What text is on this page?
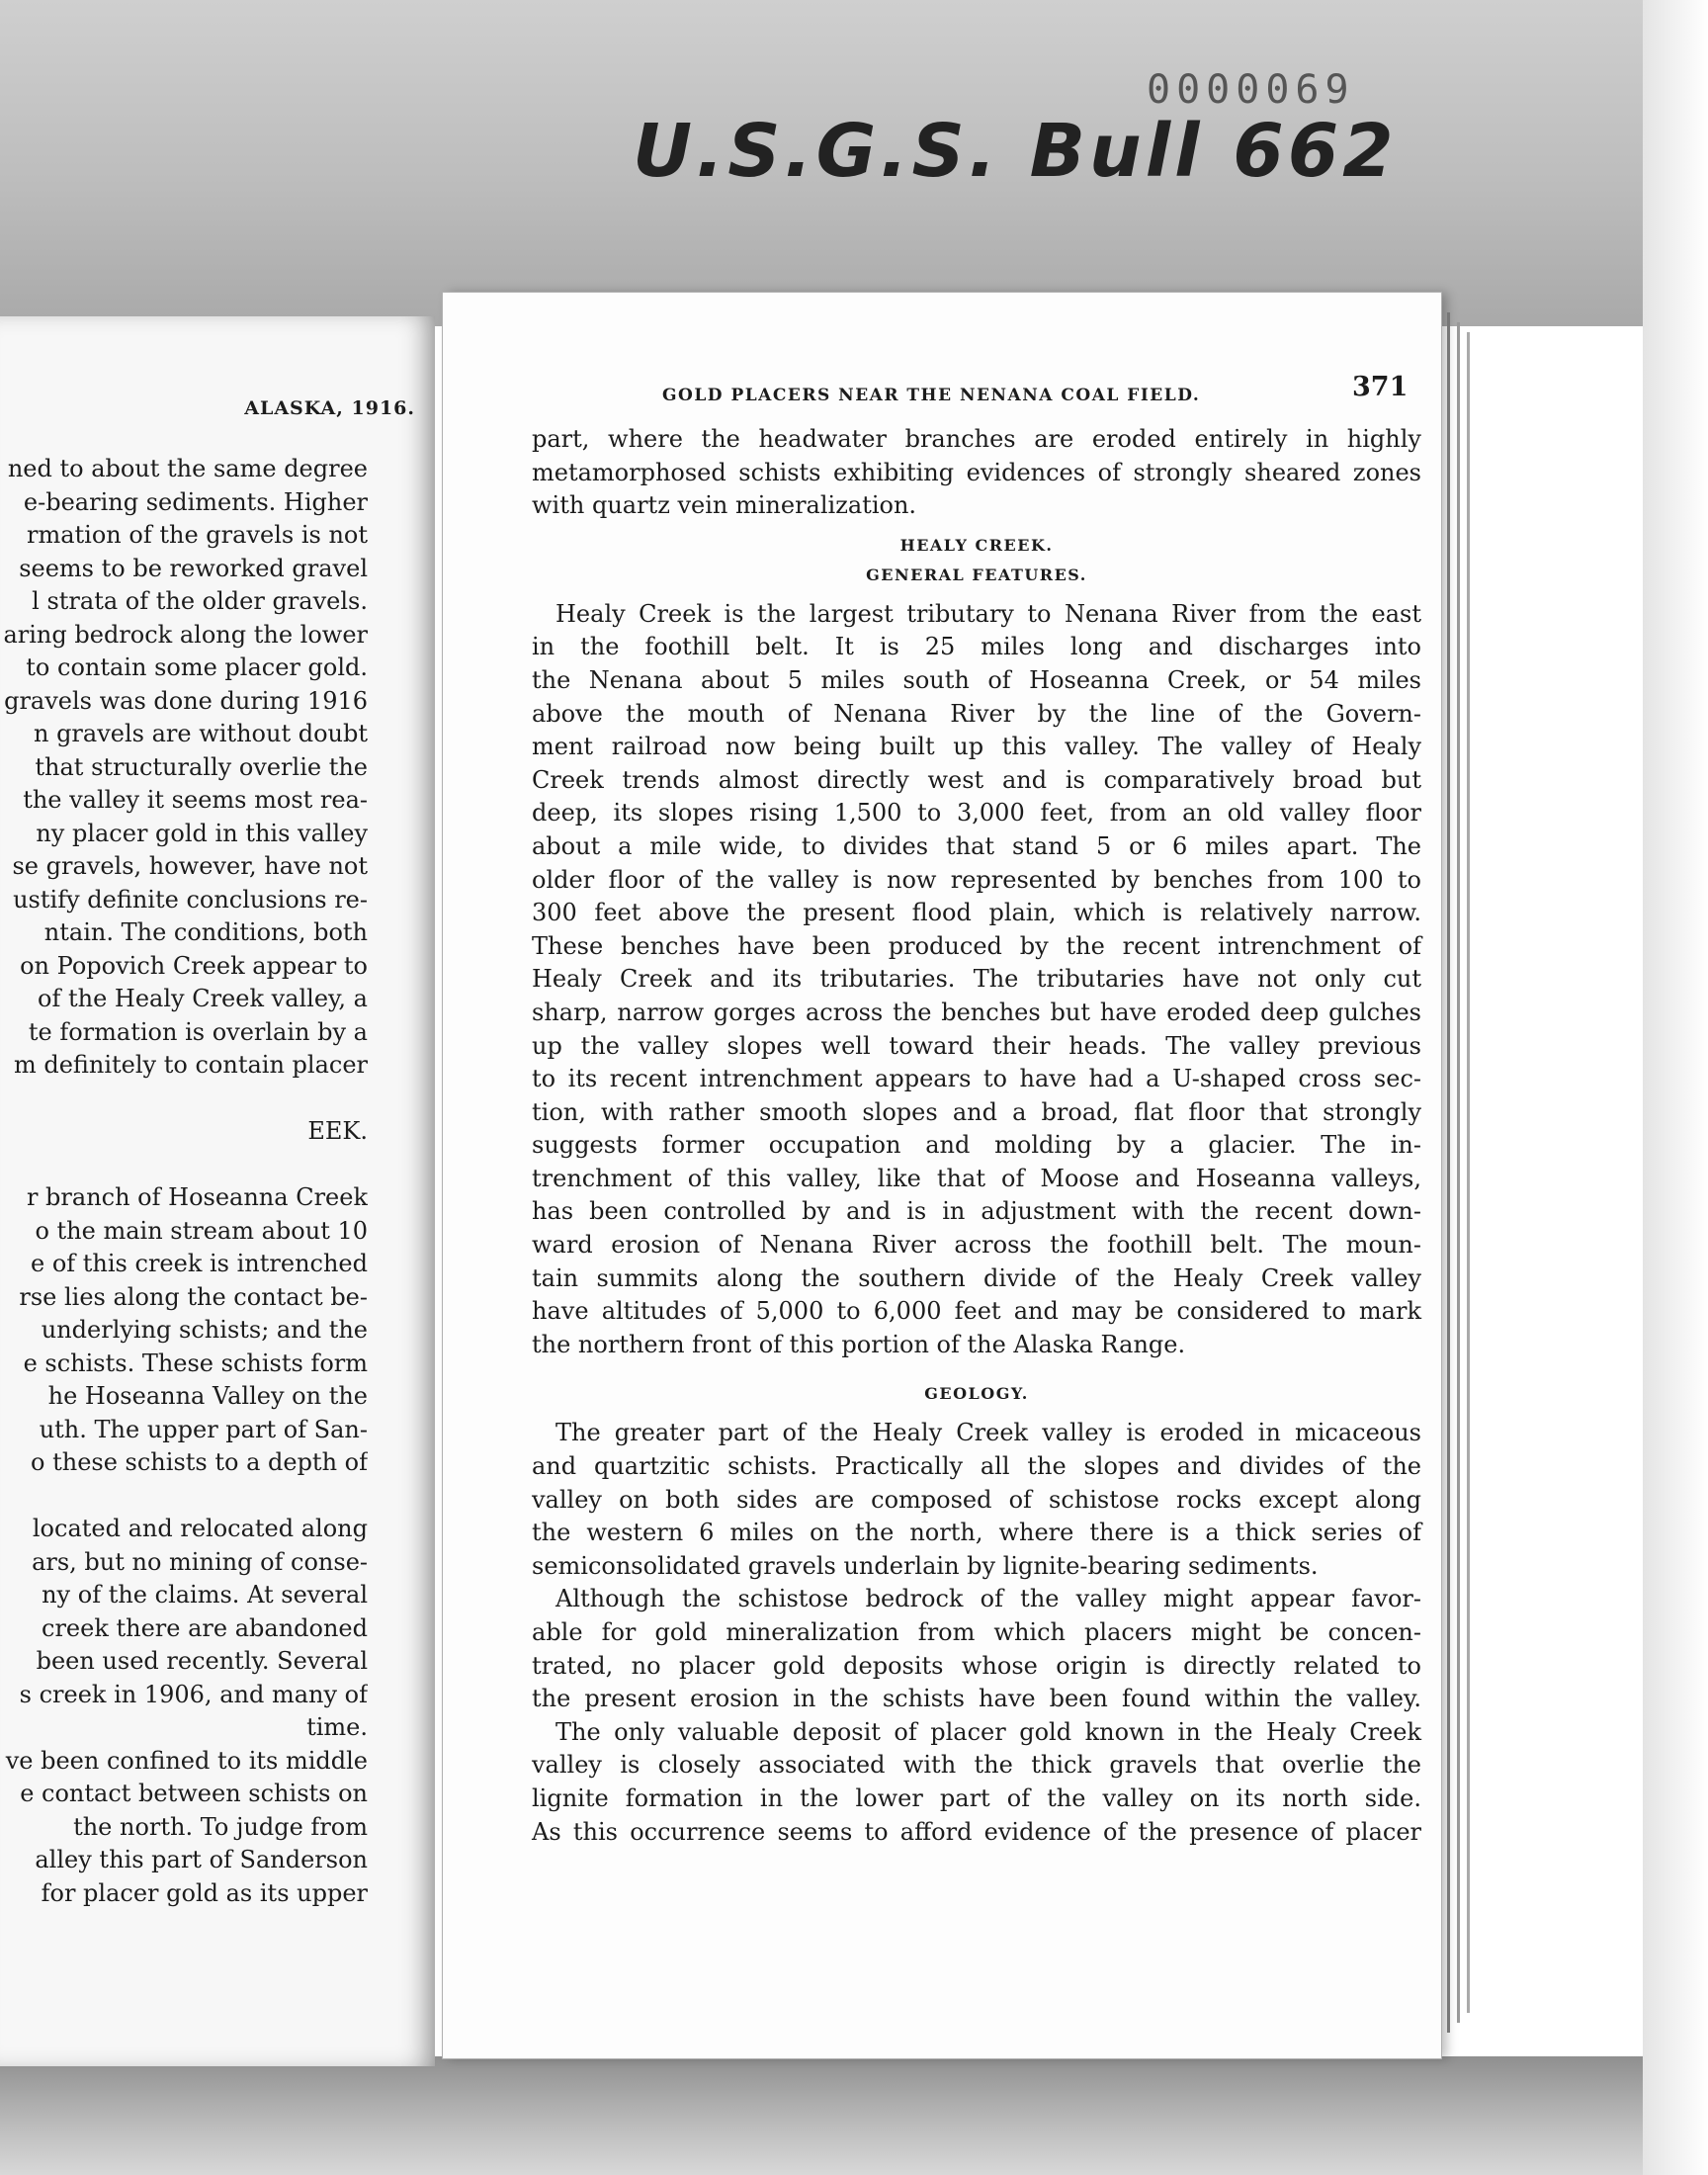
U.S.G.S. Bull 662
0000069
ALASKA, 1916.
ned to about the same degree
e-bearing sediments. Higher
rmation of the gravels is not
seems to be reworked gravel
l strata of the older gravels.
aring bedrock along the lower
to contain some placer gold.
gravels was done during 1916
n gravels are without doubt
that structurally overlie the
the valley it seems most rea-
ny placer gold in this valley
se gravels, however, have not
ustify definite conclusions re-
ntain. The conditions, both
on Popovich Creek appear to
of the Healy Creek valley, a
te formation is overlain by a
m definitely to contain placer
EEK.
r branch of Hoseanna Creek
o the main stream about 10
e of this creek is intrenched
rse lies along the contact be-
underlying schists; and the
e schists. These schists form
he Hoseanna Valley on the
uth. The upper part of San-
o these schists to a depth of
located and relocated along
ars, but no mining of conse-
ny of the claims. At several
creek there are abandoned
been used recently. Several
s creek in 1906, and many of
time.
ve been confined to its middle
e contact between schists on
the north. To judge from
alley this part of Sanderson
for placer gold as its upper
GOLD PLACERS NEAR THE NENANA COAL FIELD.	371
part, where the headwater branches are eroded entirely in highly
metamorphosed schists exhibiting evidences of strongly sheared zones
with quartz vein mineralization.
HEALY CREEK.
GENERAL FEATURES.
Healy Creek is the largest tributary to Nenana River from the east
in the foothill belt. It is 25 miles long and discharges into
the Nenana about 5 miles south of Hoseanna Creek, or 54 miles
above the mouth of Nenana River by the line of the Govern-
ment railroad now being built up this valley. The valley of Healy
Creek trends almost directly west and is comparatively broad but
deep, its slopes rising 1,500 to 3,000 feet, from an old valley floor
about a mile wide, to divides that stand 5 or 6 miles apart. The
older floor of the valley is now represented by benches from 100 to
300 feet above the present flood plain, which is relatively narrow.
These benches have been produced by the recent intrenchment of
Healy Creek and its tributaries. The tributaries have not only cut
sharp, narrow gorges across the benches but have eroded deep gulches
up the valley slopes well toward their heads. The valley previous
to its recent intrenchment appears to have had a U-shaped cross sec-
tion, with rather smooth slopes and a broad, flat floor that strongly
suggests former occupation and molding by a glacier. The in-
trenchment of this valley, like that of Moose and Hoseanna valleys,
has been controlled by and is in adjustment with the recent down-
ward erosion of Nenana River across the foothill belt. The moun-
tain summits along the southern divide of the Healy Creek valley
have altitudes of 5,000 to 6,000 feet and may be considered to mark
the northern front of this portion of the Alaska Range.
GEOLOGY.
The greater part of the Healy Creek valley is eroded in micaceous
and quartzitic schists. Practically all the slopes and divides of the
valley on both sides are composed of schistose rocks except along
the western 6 miles on the north, where there is a thick series of
semiconsolidated gravels underlain by lignite-bearing sediments.
Although the schistose bedrock of the valley might appear favor-
able for gold mineralization from which placers might be concen-
trated, no placer gold deposits whose origin is directly related to
the present erosion in the schists have been found within the valley.
The only valuable deposit of placer gold known in the Healy Creek
valley is closely associated with the thick gravels that overlie the
lignite formation in the lower part of the valley on its north side.
As this occurrence seems to afford evidence of the presence of placer
